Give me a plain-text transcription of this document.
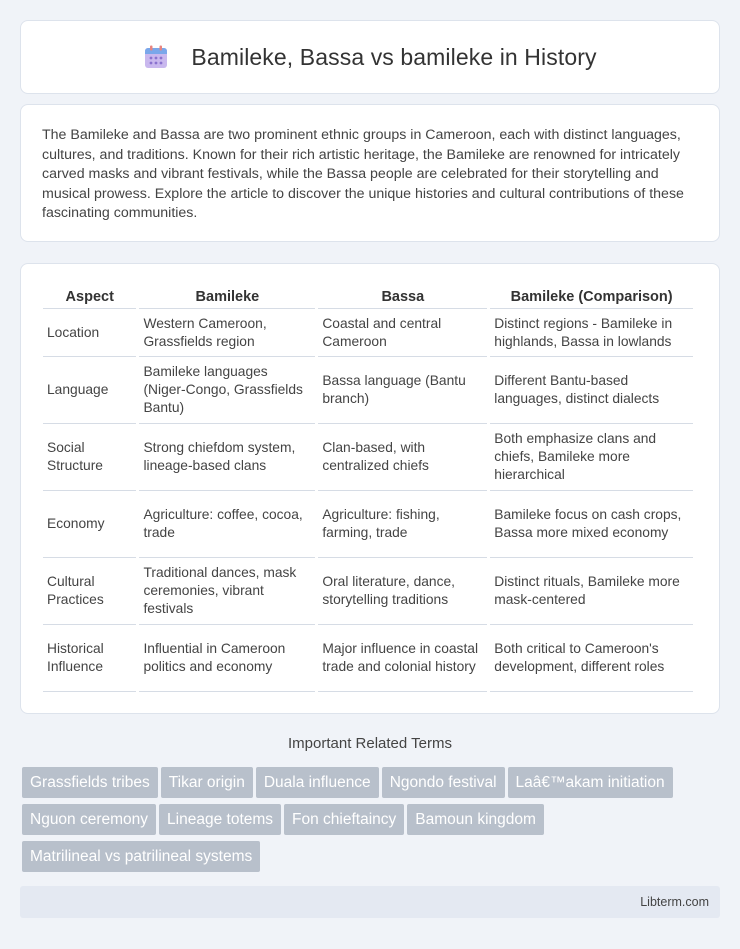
Bamileke, Bassa vs bamileke in History

The Bamileke and Bassa are two prominent ethnic groups in Cameroon, each with distinct languages, cultures, and traditions. Known for their rich artistic heritage, the Bamileke are renowned for intricately carved masks and vibrant festivals, while the Bassa people are celebrated for their storytelling and musical prowess. Explore the article to discover the unique histories and cultural contributions of these fascinating communities.

Aspect	Bamileke	Bassa	Bamileke (Comparison)
Location	Western Cameroon, Grassfields region	Coastal and central Cameroon	Distinct regions - Bamileke in highlands, Bassa in lowlands
Language	Bamileke languages (Niger-Congo, Grassfields Bantu)	Bassa language (Bantu branch)	Different Bantu-based languages, distinct dialects
Social Structure	Strong chiefdom system, lineage-based clans	Clan-based, with centralized chiefs	Both emphasize clans and chiefs, Bamileke more hierarchical
Economy	Agriculture: coffee, cocoa, trade	Agriculture: fishing, farming, trade	Bamileke focus on cash crops, Bassa more mixed economy
Cultural Practices	Traditional dances, mask ceremonies, vibrant festivals	Oral literature, dance, storytelling traditions	Distinct rituals, Bamileke more mask-centered
Historical Influence	Influential in Cameroon politics and economy	Major influence in coastal trade and colonial history	Both critical to Cameroon's development, different roles
Important Related Terms
Grassfields tribes Tikar origin Duala influence Ngondo festival Laâ€™akam initiation
Nguon ceremony Lineage totems Fon chieftaincy Bamoun kingdom
Matrilineal vs patrilineal systems
Libterm.com
